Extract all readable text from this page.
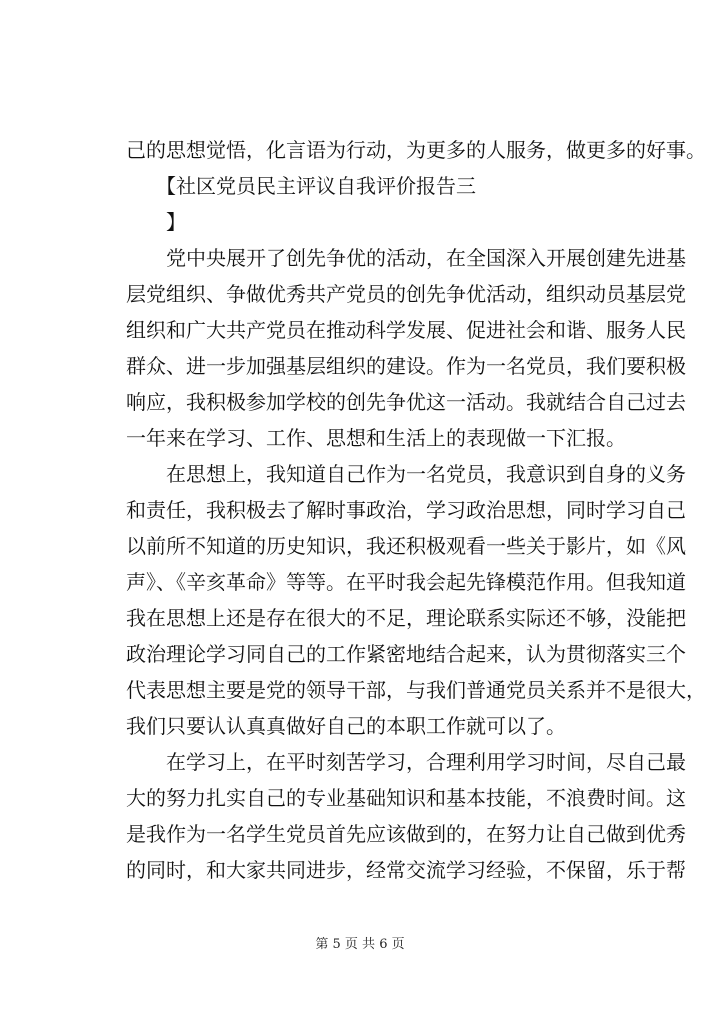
己的思想觉悟，化言语为行动，为更多的人服务，做更多的好事。
　　【社区党员民主评议自我评价报告三
　　】
　　党中央展开了创先争优的活动，在全国深入开展创建先进基
层党组织、争做优秀共产党员的创先争优活动，组织动员基层党
组织和广大共产党员在推动科学发展、促进社会和谐、服务人民
群众、进一步加强基层组织的建设。作为一名党员，我们要积极
响应，我积极参加学校的创先争优这一活动。我就结合自己过去
一年来在学习、工作、思想和生活上的表现做一下汇报。
　　在思想上，我知道自己作为一名党员，我意识到自身的义务
和责任，我积极去了解时事政治，学习政治思想，同时学习自己
以前所不知道的历史知识，我还积极观看一些关于影片，如《风
声》、《辛亥革命》等等。在平时我会起先锋模范作用。但我知道
我在思想上还是存在很大的不足，理论联系实际还不够，没能把
政治理论学习同自己的工作紧密地结合起来，认为贯彻落实三个
代表思想主要是党的领导干部，与我们普通党员关系并不是很大，
我们只要认认真真做好自己的本职工作就可以了。
　　在学习上，在平时刻苦学习，合理利用学习时间，尽自己最
大的努力扎实自己的专业基础知识和基本技能，不浪费时间。这
是我作为一名学生党员首先应该做到的，在努力让自己做到优秀
的同时，和大家共同进步，经常交流学习经验，不保留，乐于帮
第 5 页 共 6 页
